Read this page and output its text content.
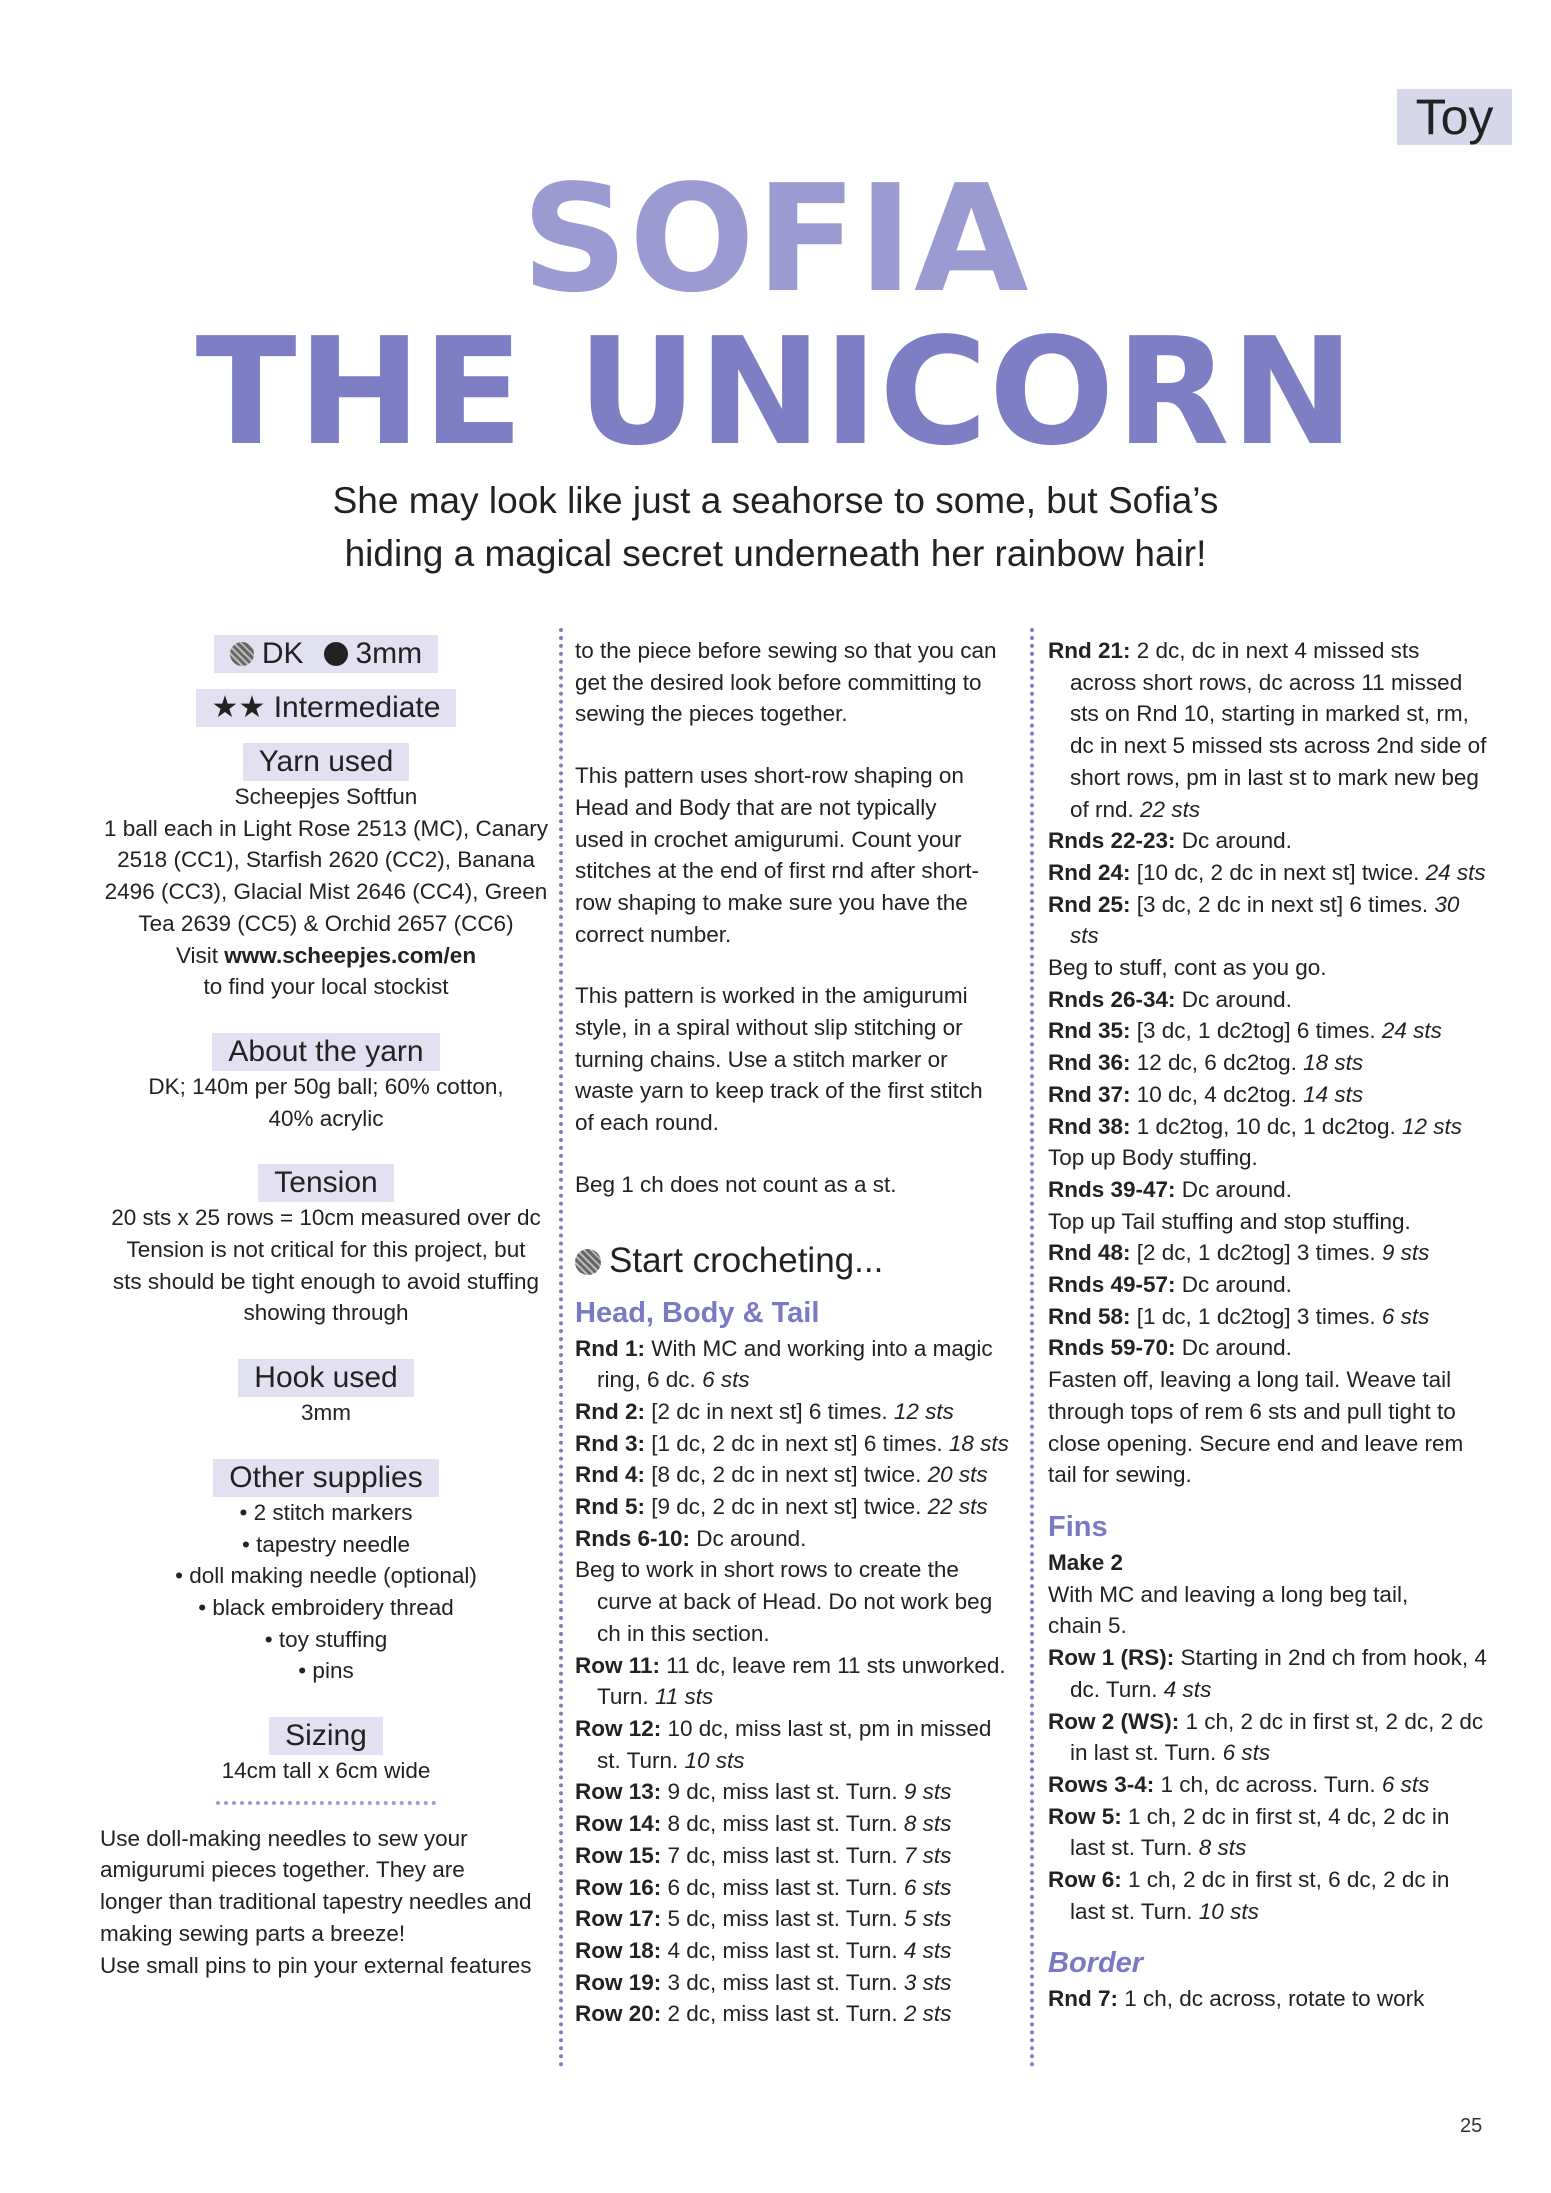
Toy
SOFIA
THE UNICORN
She may look like just a seahorse to some, but Sofia’s
hiding a magical secret underneath her rainbow hair!
DK 3mm
★★ Intermediate
Yarn used
Scheepjes Softfun
1 ball each in Light Rose 2513 (MC), Canary
2518 (CC1), Starfish 2620 (CC2), Banana
2496 (CC3), Glacial Mist 2646 (CC4), Green
Tea 2639 (CC5) & Orchid 2657 (CC6)
Visit www.scheepjes.com/en
to find your local stockist
About the yarn
DK; 140m per 50g ball; 60% cotton,
40% acrylic
Tension
20 sts x 25 rows = 10cm measured over dc
Tension is not critical for this project, but
sts should be tight enough to avoid stuffing
showing through
Hook used
3mm
Other supplies
• 2 stitch markers
• tapestry needle
• doll making needle (optional)
• black embroidery thread
• toy stuffing
• pins
Sizing
14cm tall x 6cm wide
Use doll-making needles to sew your
amigurumi pieces together. They are
longer than traditional tapestry needles and
making sewing parts a breeze!
Use small pins to pin your external features
to the piece before sewing so that you can
get the desired look before committing to
sewing the pieces together.
This pattern uses short-row shaping on
Head and Body that are not typically
used in crochet amigurumi. Count your
stitches at the end of first rnd after short-
row shaping to make sure you have the
correct number.
This pattern is worked in the amigurumi
style, in a spiral without slip stitching or
turning chains. Use a stitch marker or
waste yarn to keep track of the first stitch
of each round.
Beg 1 ch does not count as a st.
Start crocheting...
Head, Body & Tail
Rnd 1: With MC and working into a magic ring, 6 dc. 6 sts
Rnd 2: [2 dc in next st] 6 times. 12 sts
Rnd 3: [1 dc, 2 dc in next st] 6 times. 18 sts
Rnd 4: [8 dc, 2 dc in next st] twice. 20 sts
Rnd 5: [9 dc, 2 dc in next st] twice. 22 sts
Rnds 6-10: Dc around.
Beg to work in short rows to create the curve at back of Head. Do not work beg ch in this section.
Row 11: 11 dc, leave rem 11 sts unworked. Turn. 11 sts
Row 12: 10 dc, miss last st, pm in missed st. Turn. 10 sts
Row 13: 9 dc, miss last st. Turn. 9 sts
Row 14: 8 dc, miss last st. Turn. 8 sts
Row 15: 7 dc, miss last st. Turn. 7 sts
Row 16: 6 dc, miss last st. Turn. 6 sts
Row 17: 5 dc, miss last st. Turn. 5 sts
Row 18: 4 dc, miss last st. Turn. 4 sts
Row 19: 3 dc, miss last st. Turn. 3 sts
Row 20: 2 dc, miss last st. Turn. 2 sts
Rnd 21: 2 dc, dc in next 4 missed sts across short rows, dc across 11 missed sts on Rnd 10, starting in marked st, rm, dc in next 5 missed sts across 2nd side of short rows, pm in last st to mark new beg of rnd. 22 sts
Rnds 22-23: Dc around.
Rnd 24: [10 dc, 2 dc in next st] twice. 24 sts
Rnd 25: [3 dc, 2 dc in next st] 6 times. 30 sts
Beg to stuff, cont as you go.
Rnds 26-34: Dc around.
Rnd 35: [3 dc, 1 dc2tog] 6 times. 24 sts
Rnd 36: 12 dc, 6 dc2tog. 18 sts
Rnd 37: 10 dc, 4 dc2tog. 14 sts
Rnd 38: 1 dc2tog, 10 dc, 1 dc2tog. 12 sts
Top up Body stuffing.
Rnds 39-47: Dc around.
Top up Tail stuffing and stop stuffing.
Rnd 48: [2 dc, 1 dc2tog] 3 times. 9 sts
Rnds 49-57: Dc around.
Rnd 58: [1 dc, 1 dc2tog] 3 times. 6 sts
Rnds 59-70: Dc around.
Fasten off, leaving a long tail. Weave tail
through tops of rem 6 sts and pull tight to
close opening. Secure end and leave rem
tail for sewing.
Fins
Make 2
With MC and leaving a long beg tail, chain 5.
Row 1 (RS): Starting in 2nd ch from hook, 4 dc. Turn. 4 sts
Row 2 (WS): 1 ch, 2 dc in first st, 2 dc, 2 dc in last st. Turn. 6 sts
Rows 3-4: 1 ch, dc across. Turn. 6 sts
Row 5: 1 ch, 2 dc in first st, 4 dc, 2 dc in last st. Turn. 8 sts
Row 6: 1 ch, 2 dc in first st, 6 dc, 2 dc in last st. Turn. 10 sts
Border
Rnd 7: 1 ch, dc across, rotate to work
25
